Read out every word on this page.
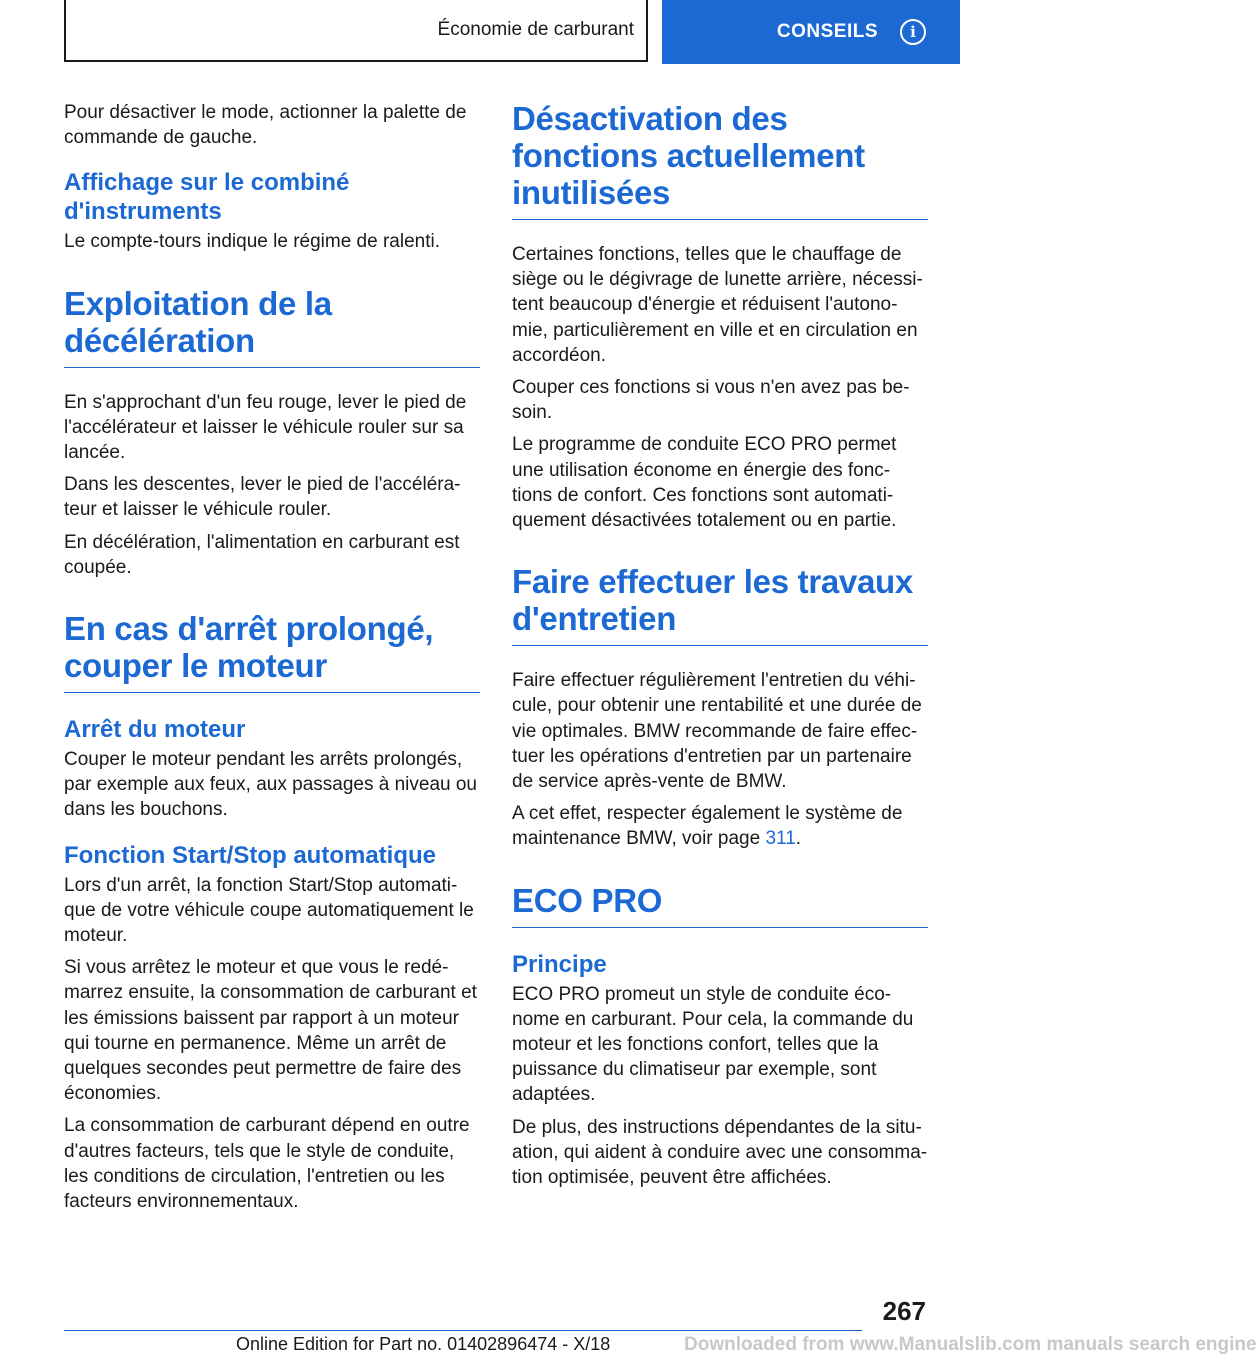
Économie de carburant	CONSEILS	i

Pour désactiver le mode, actionner la palette de commande de gauche.

Affichage sur le combiné d'instruments

Le compte-tours indique le régime de ralenti.

Exploitation de la décélération

En s'approchant d'un feu rouge, lever le pied de l'accélérateur et laisser le véhicule rouler sur sa lancée.

Dans les descentes, lever le pied de l'accéléra-teur et laisser le véhicule rouler.

En décélération, l'alimentation en carburant est coupée.

En cas d'arrêt prolongé, couper le moteur
Arrêt du moteur

Couper le moteur pendant les arrêts prolongés, par exemple aux feux, aux passages à niveau ou dans les bouchons.

Fonction Start/Stop automatique

Lors d'un arrêt, la fonction Start/Stop automati-que de votre véhicule coupe automatiquement le moteur.

Si vous arrêtez le moteur et que vous le redé-marrez ensuite, la consommation de carburant et les émissions baissent par rapport à un moteur qui tourne en permanence. Même un arrêt de quelques secondes peut permettre de faire des économies.

La consommation de carburant dépend en outre d'autres facteurs, tels que le style de conduite, les conditions de circulation, l'entretien ou les facteurs environnementaux.

Désactivation des fonctions actuellement inutilisées

Certaines fonctions, telles que le chauffage de siège ou le dégivrage de lunette arrière, nécessi-tent beaucoup d'énergie et réduisent l'autono-mie, particulièrement en ville et en circulation en accordéon.

Couper ces fonctions si vous n'en avez pas be-soin.

Le programme de conduite ECO PRO permet une utilisation économe en énergie des fonc-tions de confort. Ces fonctions sont automati-quement désactivées totalement ou en partie.

Faire effectuer les travaux d'entretien

Faire effectuer régulièrement l'entretien du véhi-cule, pour obtenir une rentabilité et une durée de vie optimales. BMW recommande de faire effec-tuer les opérations d'entretien par un partenaire de service après-vente de BMW.

A cet effet, respecter également le système de maintenance BMW, voir page 311.

ECO PRO
Principe

ECO PRO promeut un style de conduite éco-nome en carburant. Pour cela, la commande du moteur et les fonctions confort, telles que la puissance du climatiseur par exemple, sont adaptées.

De plus, des instructions dépendantes de la situ-ation, qui aident à conduire avec une consomma-tion optimisée, peuvent être affichées.

267
Online Edition for Part no. 01402896474 - X/18	Downloaded from www.Manualslib.com manuals search engine
